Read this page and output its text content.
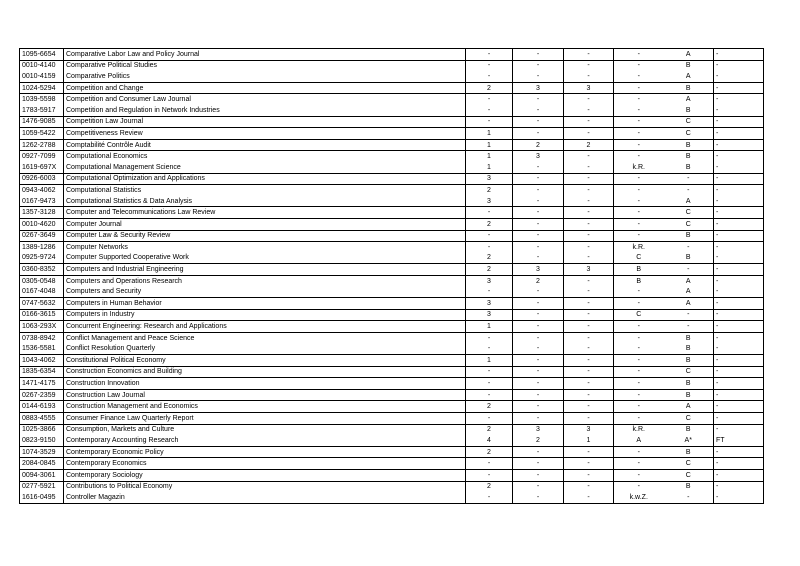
1095-6654	Comparative Labor Law and Policy Journal	-	-	-	-	A	-
0010-4140	Comparative Political Studies	-	-	-	-	B	-
0010-4159	Comparative Politics	-	-	-	-	A	-
1024-5294	Competition and Change	2	3	3	-	B	-
1039-5598	Competition and Consumer Law Journal	-	-	-	-	A	-
1783-5917	Competition and Regulation in Network Industries	-	-	-	-	B	-
1476-9085	Competition Law Journal	-	-	-	-	C	-
1059-5422	Competitiveness Review	1	-	-	-	C	-
1262-2788	Comptabilité Contrôle Audit	1	2	2	-	B	-
0927-7099	Computational Economics	1	3	-	-	B	-
1619-697X	Computational Management Science	1	-	-	k.R.	B	-
0926-6003	Computational Optimization and Applications	3	-	-	-	-	-
0943-4062	Computational Statistics	2	-	-	-	-	-
0167-9473	Computational Statistics & Data Analysis	3	-	-	-	A	-
1357-3128	Computer and Telecommunications Law Review	-	-	-	-	C	-
0010-4620	Computer Journal	2	-	-	-	C	-
0267-3649	Computer Law & Security Review	-	-	-	-	B	-
1389-1286	Computer Networks	-	-	-	k.R.	-	-
0925-9724	Computer Supported Cooperative Work	2	-	-	C	B	-
0360-8352	Computers and Industrial Engineering	2	3	3	B	-	-
0305-0548	Computers and Operations Research	3	2	-	B	A	-
0167-4048	Computers and Security	-	-	-	-	A	-
0747-5632	Computers in Human Behavior	3	-	-	-	A	-
0166-3615	Computers in Industry	3	-	-	C	-	-
1063-293X	Concurrent Engineering: Research and Applications	1	-	-	-	-	-
0738-8942	Conflict Management and Peace Science	-	-	-	-	B	-
1536-5581	Conflict Resolution Quarterly	-	-	-	-	B	-
1043-4062	Constitutional Political Economy	1	-	-	-	B	-
1835-6354	Construction Economics and Building	-	-	-	-	C	-
1471-4175	Construction Innovation	-	-	-	-	B	-
0267-2359	Construction Law Journal	-	-	-	-	B	-
0144-6193	Construction Management and Economics	2	-	-	-	A	-
0883-4555	Consumer Finance Law Quarterly Report	-	-	-	-	C	-
1025-3866	Consumption, Markets and Culture	2	3	3	k.R.	B	-
0823-9150	Contemporary Accounting Research	4	2	1	A	A*	FT
1074-3529	Contemporary Economic Policy	2	-	-	-	B	-
2084-0845	Contemporary Economics	-	-	-	-	C	-
0094-3061	Contemporary Sociology	-	-	-	-	C	-
0277-5921	Contributions to Political Economy	2	-	-	-	B	-
1616-0495	Controller Magazin	-	-	-	k.w.Z.	-	-
